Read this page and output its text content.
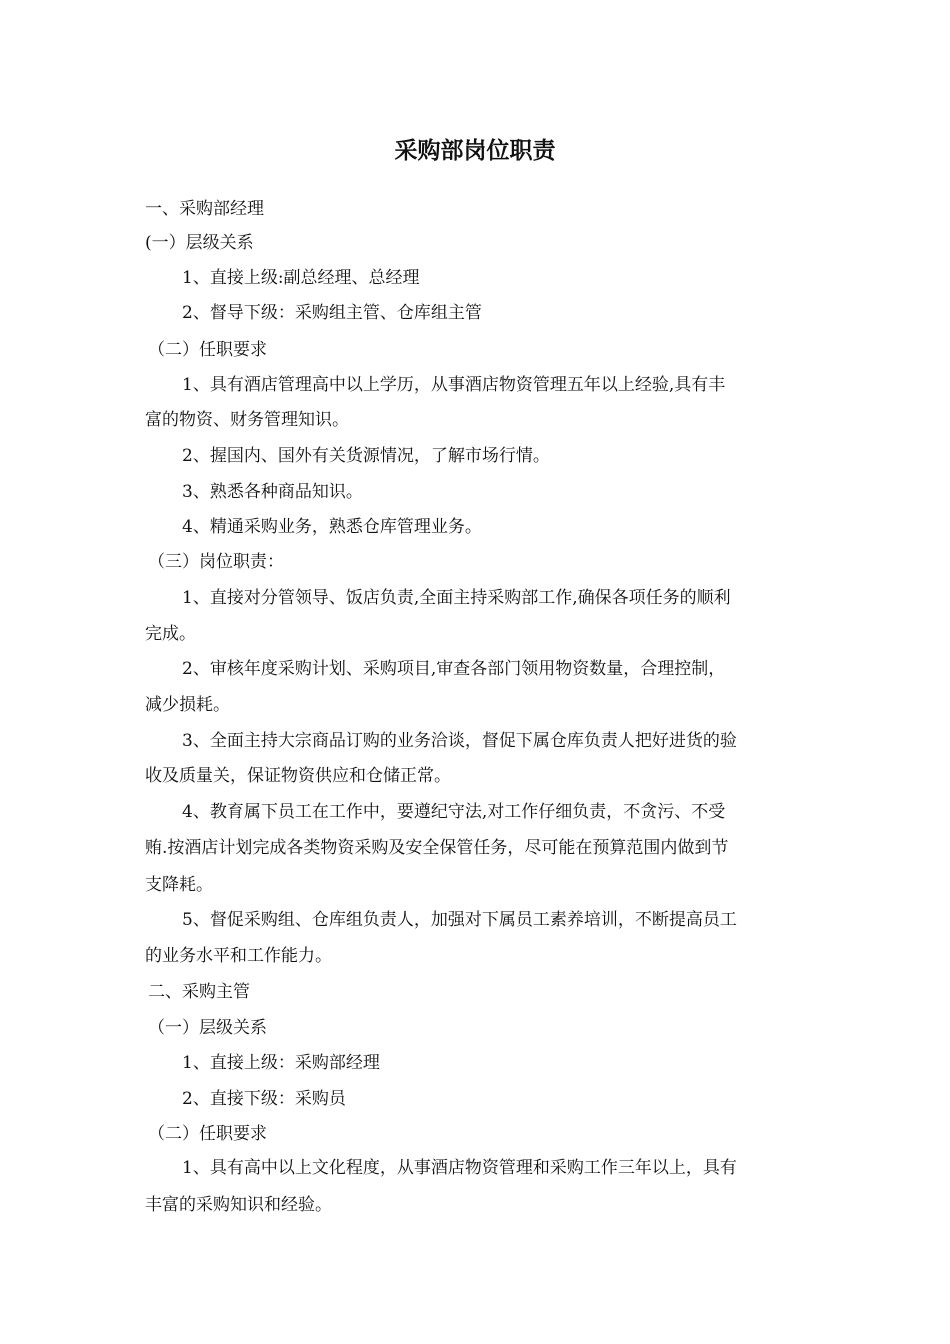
采购部岗位职责
一、采购部经理
(一）层级关系
1、直接上级:副总经理、总经理
2、督导下级：采购组主管、仓库组主管
（二）任职要求
1、具有酒店管理高中以上学历，从事酒店物资管理五年以上经验,具有丰
富的物资、财务管理知识。
2、握国内、国外有关货源情况，了解市场行情。
3、熟悉各种商品知识。
4、精通采购业务，熟悉仓库管理业务。
（三）岗位职责：
1、直接对分管领导、饭店负责,全面主持采购部工作,确保各项任务的顺利
完成。
2、审核年度采购计划、采购项目,审查各部门领用物资数量，合理控制，
减少损耗。
3、全面主持大宗商品订购的业务洽谈，督促下属仓库负责人把好进货的验
收及质量关，保证物资供应和仓储正常。
4、教育属下员工在工作中，要遵纪守法,对工作仔细负责，不贪污、不受
贿.按酒店计划完成各类物资采购及安全保管任务，尽可能在预算范围内做到节
支降耗。
5、督促采购组、仓库组负责人，加强对下属员工素养培训，不断提高员工
的业务水平和工作能力。
二、采购主管
（一）层级关系
1、直接上级：采购部经理
2、直接下级：采购员
（二）任职要求
1、具有高中以上文化程度，从事酒店物资管理和采购工作三年以上，具有
丰富的采购知识和经验。
